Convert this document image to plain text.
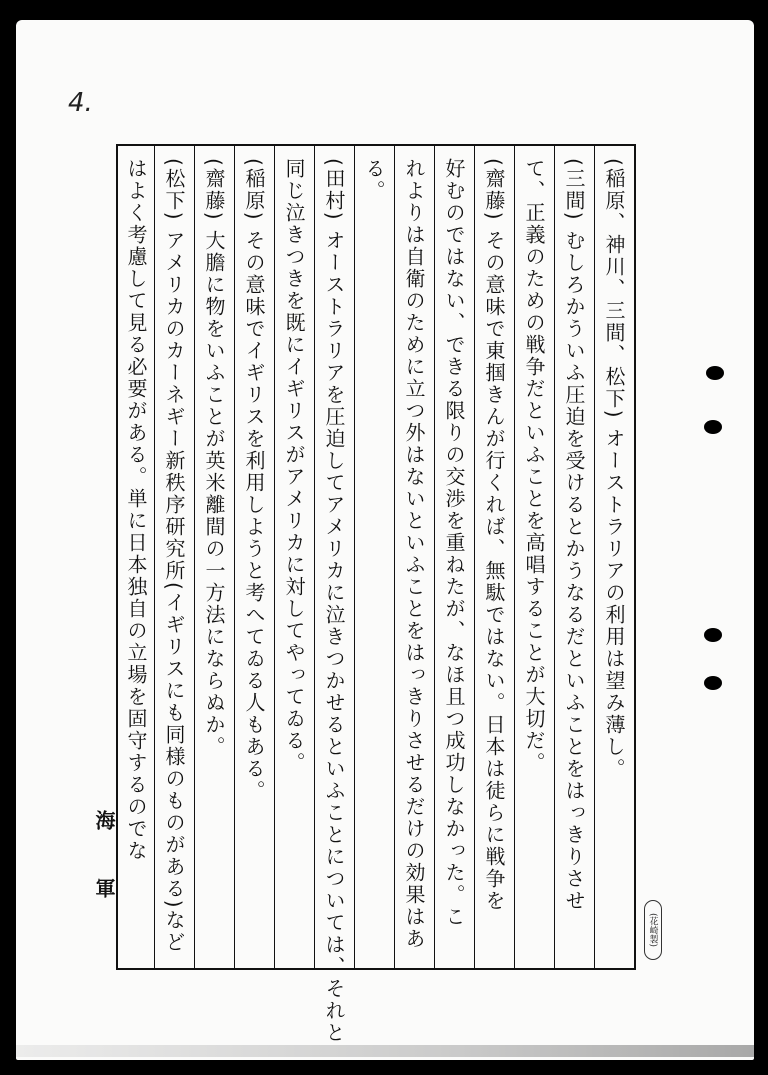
4.
(稲原、神川、三間、松下) オーストラリアの利用は望み薄し。
(三間) むしろかういふ圧迫を受けるとかうなるだといふことをはっきりさせ
て、正義のための戦争だといふことを高唱することが大切だ。
(齋藤) その意味で東掴きんが行くれば、無駄ではない。日本は徒らに戦争を
好むのではない、できる限りの交渉を重ねたが、なほ且つ成功しなかった。こ
れよりは自衛のために立つ外はないといふことをはっきりさせるだけの効果はあ
る。
(田村) オーストラリアを圧迫してアメリカに泣きつかせるといふことについては、それと
同じ泣きつきを既にイギリスがアメリカに対してやってゐる。
(稲原) その意味でイギリスを利用しようと考へてゐる人もある。
(齋藤) 大膽に物をいふことが英米離間の一方法にならぬか。
(松下) アメリカのカーネギー新秩序研究所(イギリスにも同様のものがある)など
はよく考慮して見る必要がある。単に日本独自の立場を固守するのでな
海軍	(花崎製)
